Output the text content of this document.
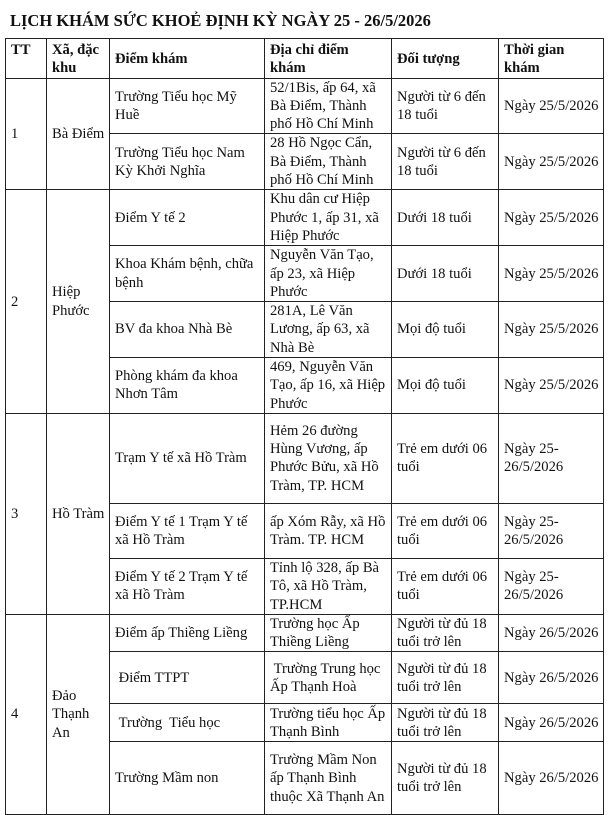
LỊCH KHÁM SỨC KHOẺ ĐỊNH KỲ NGÀY 25 - 26/5/2026
TT	Xã, đặc khu	Điểm khám	Địa chỉ điểm khám	Đối tượng	Thời gian khám
1	Bà Điểm	Trường Tiểu học Mỹ Huề	52/1Bis, ấp 64, xã Bà Điểm, Thành phố Hồ Chí Minh	Người từ 6 đến 18 tuổi	Ngày 25/5/2026
		Trường Tiểu học Nam Kỳ Khởi Nghĩa	28 Hồ Ngọc Cẩn, Bà Điểm, Thành phố Hồ Chí Minh	Người từ 6 đến 18 tuổi	Ngày 25/5/2026
2	Hiệp Phước	Điểm Y tế 2	Khu dân cư Hiệp Phước 1, ấp 31, xã Hiệp Phước	Dưới 18 tuổi	Ngày 25/5/2026
		Khoa Khám bệnh, chữa bệnh	Nguyễn Văn Tạo, ấp 23, xã Hiệp Phước	Dưới 18 tuổi	Ngày 25/5/2026
		BV đa khoa Nhà Bè	281A, Lê Văn Lương, ấp 63, xã Nhà Bè	Mọi độ tuổi	Ngày 25/5/2026
		Phòng khám đa khoa Nhơn Tâm	469, Nguyễn Văn Tạo, ấp 16, xã Hiệp Phước	Mọi độ tuổi	Ngày 25/5/2026
3	Hồ Tràm	Trạm Y tế xã Hồ Tràm	Hẻm 26 đường Hùng Vương, ấp Phước Bửu, xã Hồ Tràm, TP. HCM	Trẻ em dưới 06 tuổi	Ngày 25-26/5/2026
		Điểm Y tế 1 Trạm Y tế xã Hồ Tràm	ấp Xóm Rẫy, xã Hồ Tràm. TP. HCM	Trẻ em dưới 06 tuổi	Ngày 25-26/5/2026
		Điểm Y tế 2 Trạm Y tế xã Hồ Tràm	Tỉnh lộ 328, ấp Bà Tô, xã Hồ Tràm, TP.HCM	Trẻ em dưới 06 tuổi	Ngày 25-26/5/2026
4	Đảo Thạnh An	Điểm ấp Thiềng Liềng	Trường học Ấp Thiềng Liềng	Người từ đủ 18 tuổi trở lên	Ngày 26/5/2026
		Điểm TTPT	Trường Trung học Ấp Thạnh Hoà	Người từ đủ 18 tuổi trở lên	Ngày 26/5/2026
		Trường  Tiểu học	Trường tiểu học Ấp Thạnh Bình	Người từ đủ 18 tuổi trở lên	Ngày 26/5/2026
		Trường Mầm non	Trường Mầm Non ấp Thạnh Bình thuộc Xã Thạnh An	Người từ đủ 18 tuổi trở lên	Ngày 26/5/2026
